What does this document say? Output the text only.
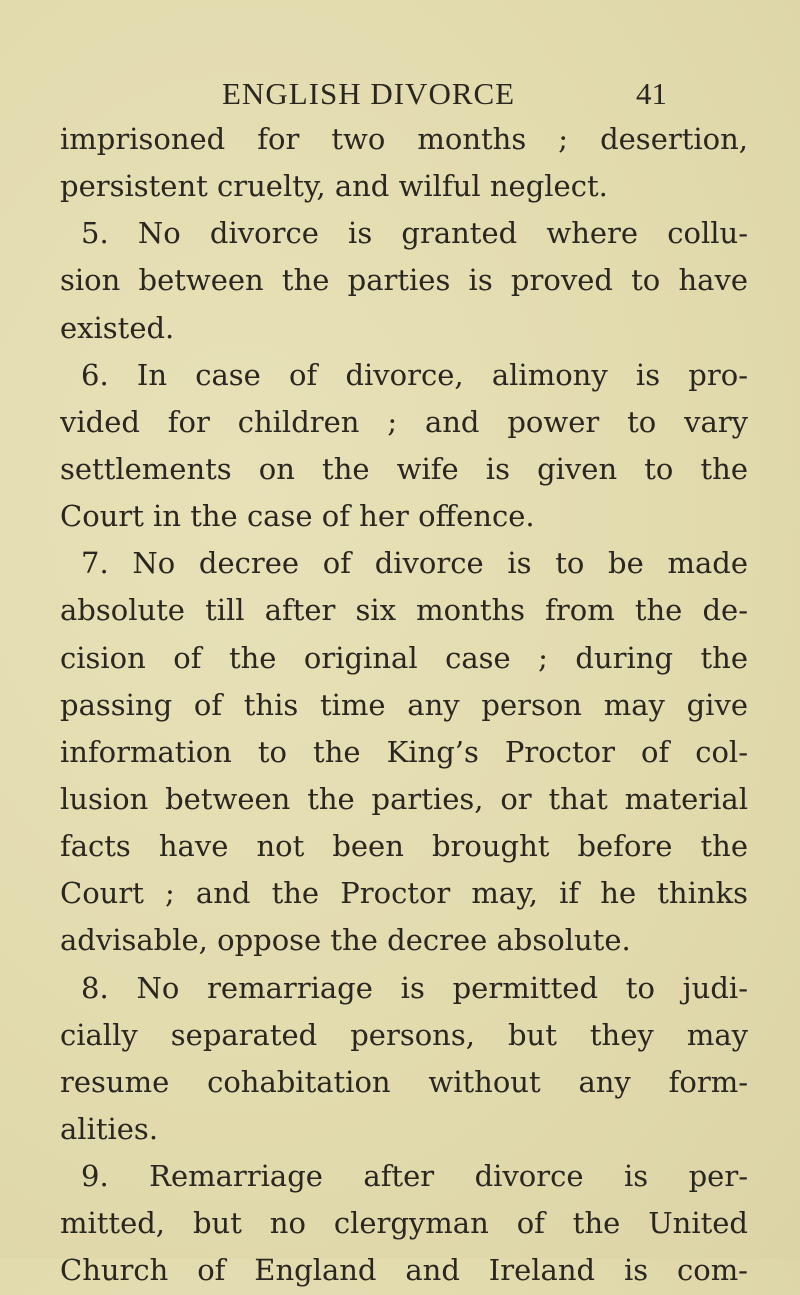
ENGLISH DIVORCE	41
imprisoned for two months ; desertion,
persistent cruelty, and wilful neglect.
5. No divorce is granted where collu-
sion between the parties is proved to have
existed.
6. In case of divorce, alimony is pro-
vided for children ; and power to vary
settlements on the wife is given to the
Court in the case of her offence.
7. No decree of divorce is to be made
absolute till after six months from the de-
cision of the original case ; during the
passing of this time any person may give
information to the King’s Proctor of col-
lusion between the parties, or that material
facts have not been brought before the
Court ; and the Proctor may, if he thinks
advisable, oppose the decree absolute.
8. No remarriage is permitted to judi-
cially separated persons, but they may
resume cohabitation without any form-
alities.
9. Remarriage after divorce is per-
mitted, but no clergyman of the United
Church of England and Ireland is com-
